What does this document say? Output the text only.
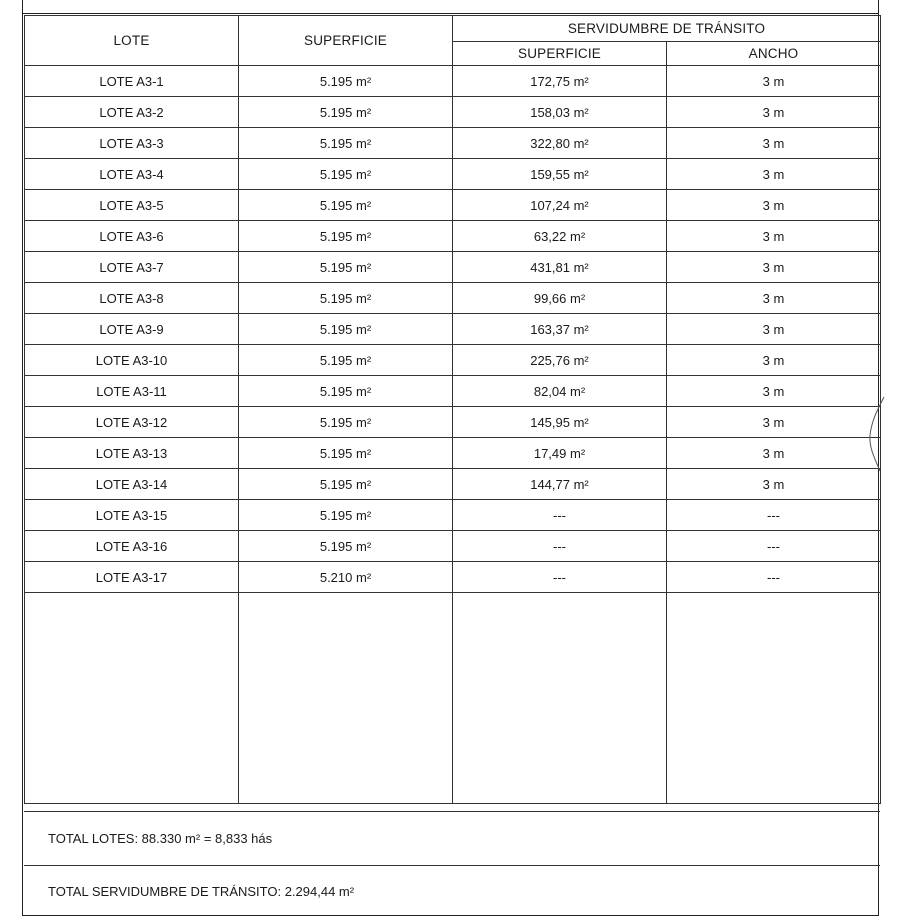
LOTE	SUPERFICIE	SERVIDUMBRE DE TRÁNSITO	
		SUPERFICIE	ANCHO
LOTE A3-1	5.195 m²	172,75 m²	3 m
LOTE A3-2	5.195 m²	158,03 m²	3 m
LOTE A3-3	5.195 m²	322,80 m²	3 m
LOTE A3-4	5.195 m²	159,55 m²	3 m
LOTE A3-5	5.195 m²	107,24 m²	3 m
LOTE A3-6	5.195 m²	63,22 m²	3 m
LOTE A3-7	5.195 m²	431,81 m²	3 m
LOTE A3-8	5.195 m²	99,66 m²	3 m
LOTE A3-9	5.195 m²	163,37 m²	3 m
LOTE A3-10	5.195 m²	225,76 m²	3 m
LOTE A3-11	5.195 m²	82,04 m²	3 m
LOTE A3-12	5.195 m²	145,95 m²	3 m
LOTE A3-13	5.195 m²	17,49 m²	3 m
LOTE A3-14	5.195 m²	144,77 m²	3 m
LOTE A3-15	5.195 m²	---	---
LOTE A3-16	5.195 m²	---	---
LOTE A3-17	5.210 m²	---	---

TOTAL LOTES: 88.330 m² = 8,833 hás
TOTAL SERVIDUMBRE DE TRÁNSITO: 2.294,44 m²
